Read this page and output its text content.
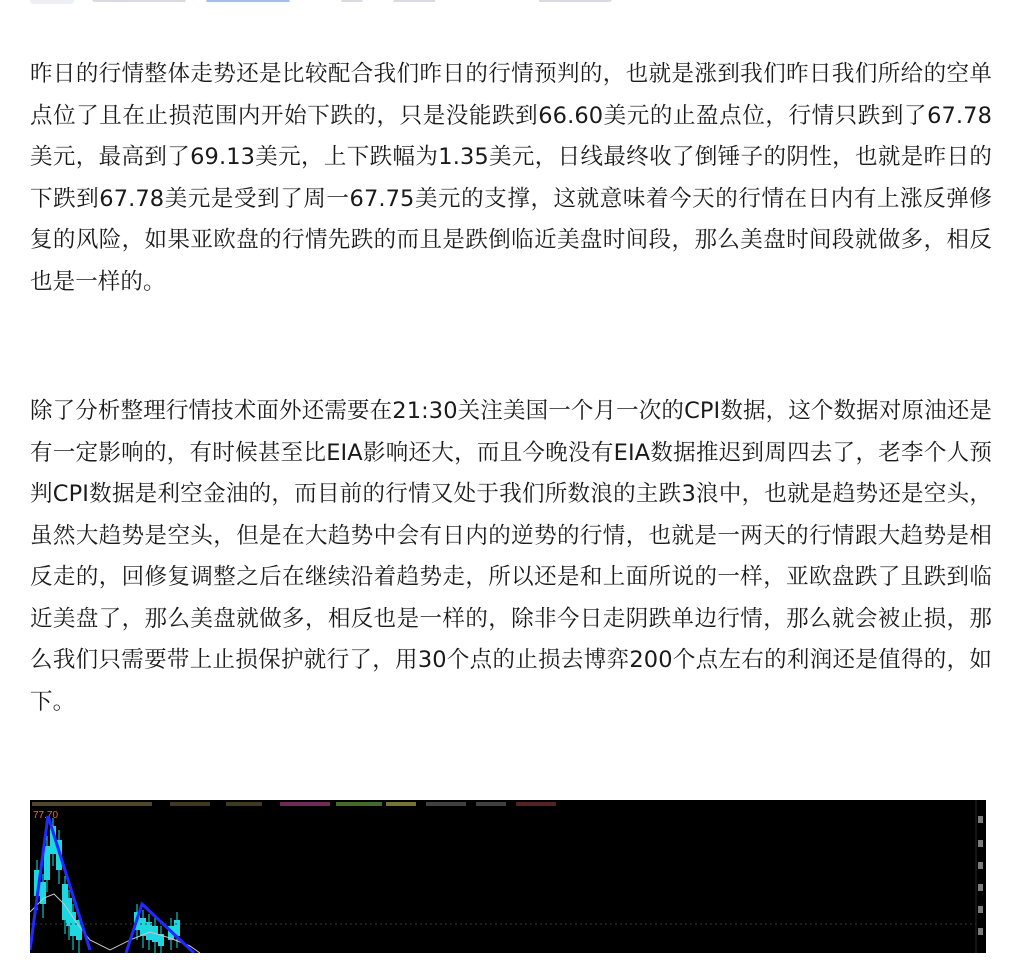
昨日的行情整体走势还是比较配合我们昨日的行情预判的，也就是涨到我们昨日我们所给的空单点位了且在止损范围内开始下跌的，只是没能跌到66.60美元的止盈点位，行情只跌到了67.78美元，最高到了69.13美元，上下跌幅为1.35美元，日线最终收了倒锤子的阴性，也就是昨日的下跌到67.78美元是受到了周一67.75美元的支撑，这就意味着今天的行情在日内有上涨反弹修复的风险，如果亚欧盘的行情先跌的而且是跌倒临近美盘时间段，那么美盘时间段就做多，相反也是一样的。

除了分析整理行情技术面外还需要在21:30关注美国一个月一次的CPI数据，这个数据对原油还是有一定影响的，有时候甚至比EIA影响还大，而且今晚没有EIA数据推迟到周四去了，老李个人预判CPI数据是利空金油的，而目前的行情又处于我们所数浪的主跌3浪中，也就是趋势还是空头，虽然大趋势是空头，但是在大趋势中会有日内的逆势的行情，也就是一两天的行情跟大趋势是相反走的，回修复调整之后在继续沿着趋势走，所以还是和上面所说的一样，亚欧盘跌了且跌到临近美盘了，那么美盘就做多，相反也是一样的，除非今日走阴跌单边行情，那么就会被止损，那么我们只需要带上止损保护就行了，用30个点的止损去博弈200个点左右的利润还是值得的，如下。

77.70
